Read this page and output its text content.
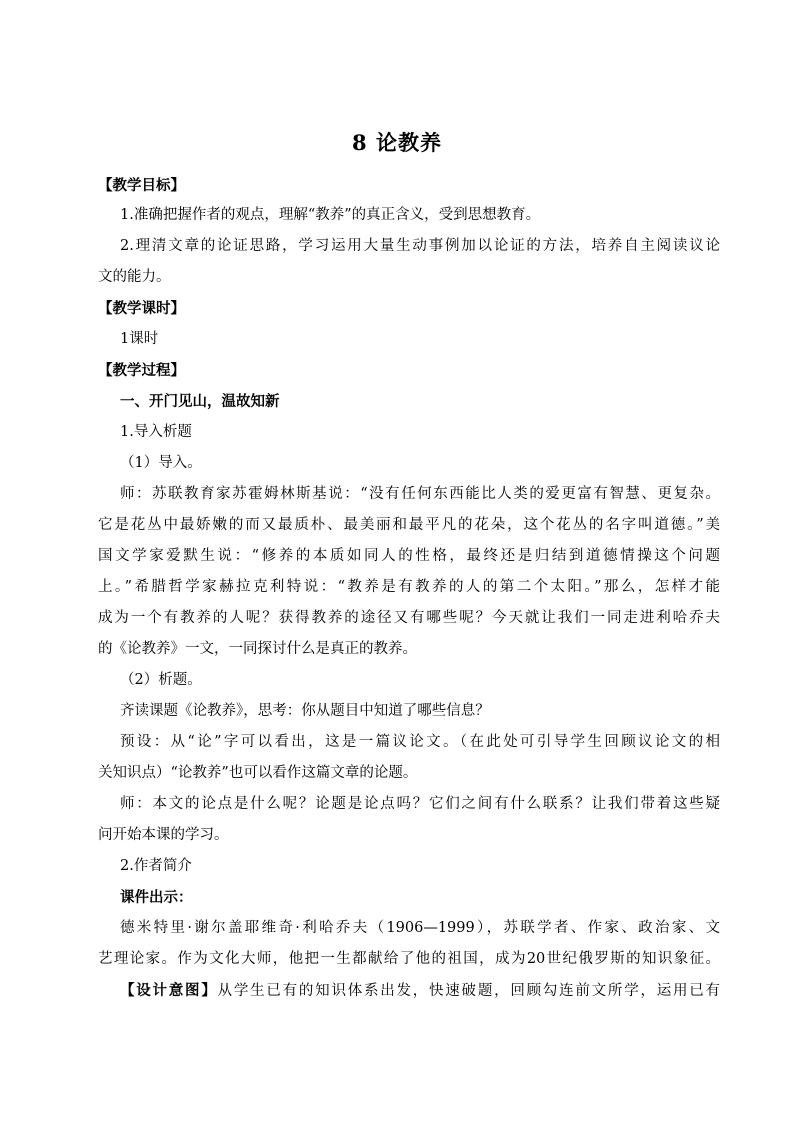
8 论教养
【教学目标】
1.准确把握作者的观点，理解“教养”的真正含义，受到思想教育。
2.理清文章的论证思路，学习运用大量生动事例加以论证的方法，培养自主阅读议论
文的能力。
【教学课时】
1课时
【教学过程】
一、开门见山，温故知新
1.导入析题
（1）导入。
师：苏联教育家苏霍姆林斯基说：“没有任何东西能比人类的爱更富有智慧、更复杂。
它是花丛中最娇嫩的而又最质朴、最美丽和最平凡的花朵，这个花丛的名字叫道德。”美
国文学家爱默生说：“修养的本质如同人的性格，最终还是归结到道德情操这个问题
上。”希腊哲学家赫拉克利特说：“教养是有教养的人的第二个太阳。”那么，怎样才能
成为一个有教养的人呢？获得教养的途径又有哪些呢？今天就让我们一同走进利哈乔夫
的《论教养》一文，一同探讨什么是真正的教养。
（2）析题。
齐读课题《论教养》，思考：你从题目中知道了哪些信息？
预设：从“论”字可以看出，这是一篇议论文。（在此处可引导学生回顾议论文的相
关知识点）“论教养”也可以看作这篇文章的论题。
师：本文的论点是什么呢？论题是论点吗？它们之间有什么联系？让我们带着这些疑
问开始本课的学习。
2.作者简介
课件出示：
德米特里·谢尔盖耶维奇·利哈乔夫（1906—1999），苏联学者、作家、政治家、文
艺理论家。作为文化大师，他把一生都献给了他的祖国，成为20世纪俄罗斯的知识象征。
【设计意图】从学生已有的知识体系出发，快速破题，回顾勾连前文所学，运用已有
